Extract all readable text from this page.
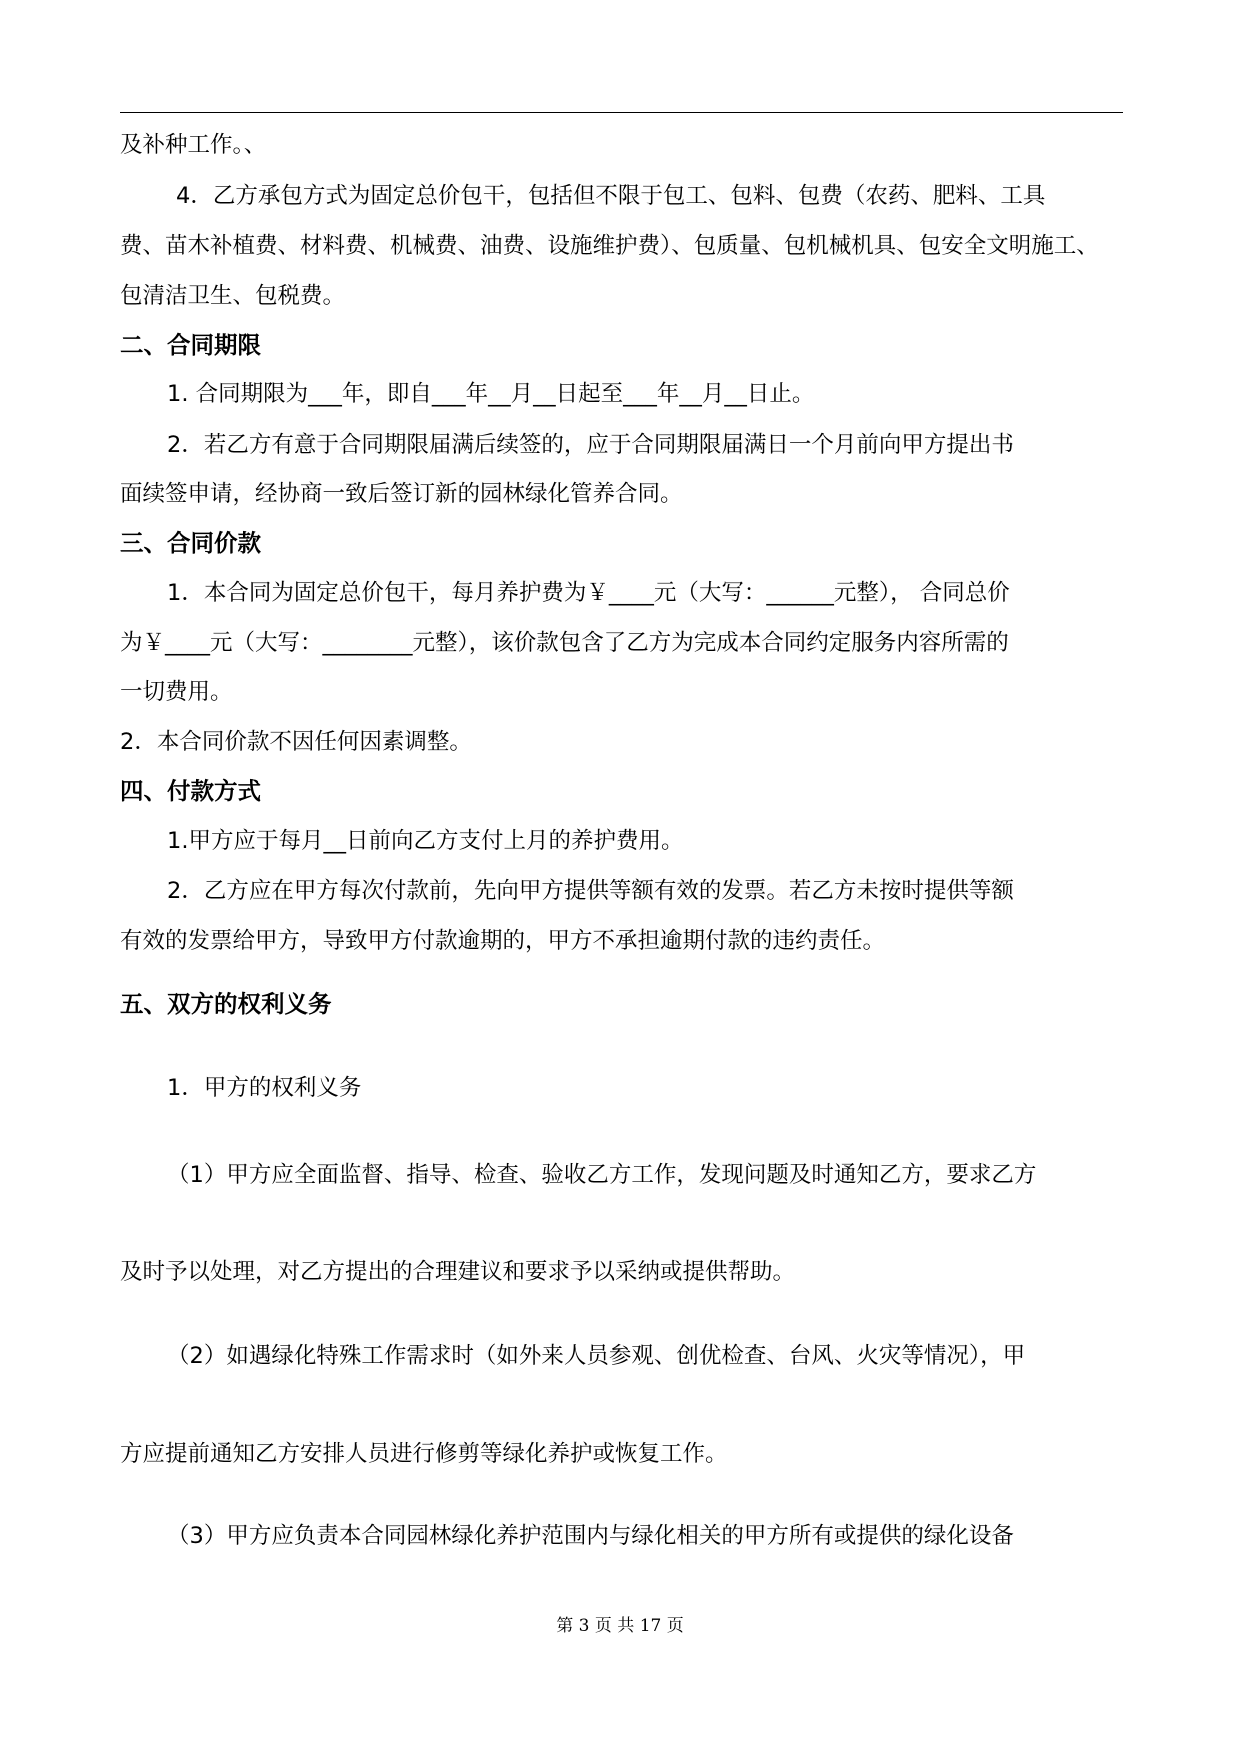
及补种工作。、
4．乙方承包方式为固定总价包干，包括但不限于包工、包料、包费（农药、肥料、工具
费、苗木补植费、材料费、机械费、油费、设施维护费）、包质量、包机械机具、包安全文明施工、
包清洁卫生、包税费。
二、合同期限
1. 合同期限为___年，即自___年__月__日起至___年__月__日止。
2．若乙方有意于合同期限届满后续签的，应于合同期限届满日一个月前向甲方提出书
面续签申请，经协商一致后签订新的园林绿化管养合同。
三、合同价款
1．本合同为固定总价包干，每月养护费为￥____元（大写：______元整）， 合同总价
为￥____元（大写：________元整），该价款包含了乙方为完成本合同约定服务内容所需的
一切费用。
2．本合同价款不因任何因素调整。
四、付款方式
1.甲方应于每月__日前向乙方支付上月的养护费用。
2．乙方应在甲方每次付款前，先向甲方提供等额有效的发票。若乙方未按时提供等额
有效的发票给甲方，导致甲方付款逾期的，甲方不承担逾期付款的违约责任。
五、双方的权利义务
1．甲方的权利义务
（1）甲方应全面监督、指导、检查、验收乙方工作，发现问题及时通知乙方，要求乙方
及时予以处理，对乙方提出的合理建议和要求予以采纳或提供帮助。
（2）如遇绿化特殊工作需求时（如外来人员参观、创优检查、台风、火灾等情况），甲
方应提前通知乙方安排人员进行修剪等绿化养护或恢复工作。
（3）甲方应负责本合同园林绿化养护范围内与绿化相关的甲方所有或提供的绿化设备
第 3 页 共 17 页
